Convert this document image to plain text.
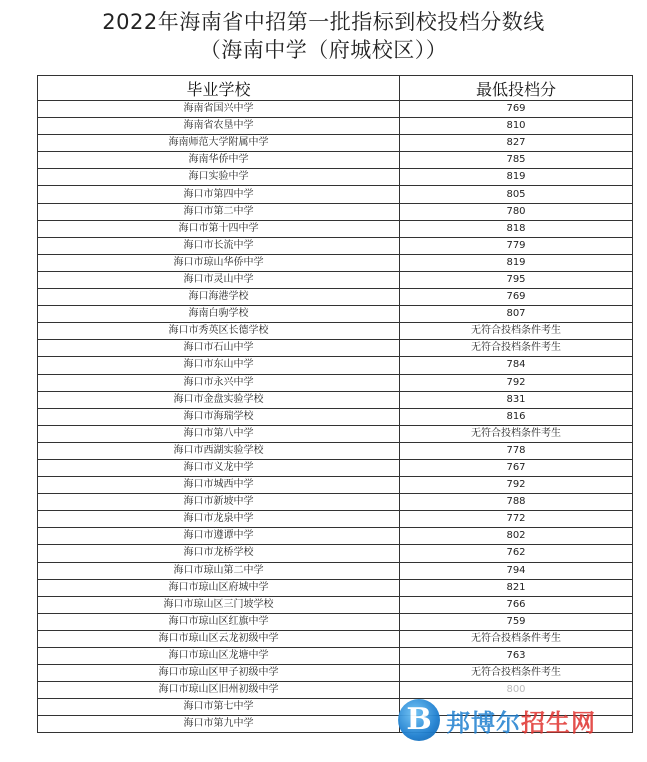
2022年海南省中招第一批指标到校投档分数线
（海南中学（府城校区））
毕业学校	最低投档分
海南省国兴中学	769
海南省农垦中学	810
海南师范大学附属中学	827
海南华侨中学	785
海口实验中学	819
海口市第四中学	805
海口市第二中学	780
海口市第十四中学	818
海口市长流中学	779
海口市琼山华侨中学	819
海口市灵山中学	795
海口海港学校	769
海南白驹学校	807
海口市秀英区长德学校	无符合投档条件考生
海口市石山中学	无符合投档条件考生
海口市东山中学	784
海口市永兴中学	792
海口市金盘实验学校	831
海口市海瑞学校	816
海口市第八中学	无符合投档条件考生
海口市西湖实验学校	778
海口市义龙中学	767
海口市城西中学	792
海口市新坡中学	788
海口市龙泉中学	772
海口市遵谭中学	802
海口市龙桥学校	762
海口市琼山第二中学	794
海口市琼山区府城中学	821
海口市琼山区三门坡学校	766
海口市琼山区红旗中学	759
海口市琼山区云龙初级中学	无符合投档条件考生
海口市琼山区龙塘中学	763
海口市琼山区甲子初级中学	无符合投档条件考生
海口市琼山区旧州初级中学	800
海口市第七中学	
海口市第九中学		B 邦博尔招生网
